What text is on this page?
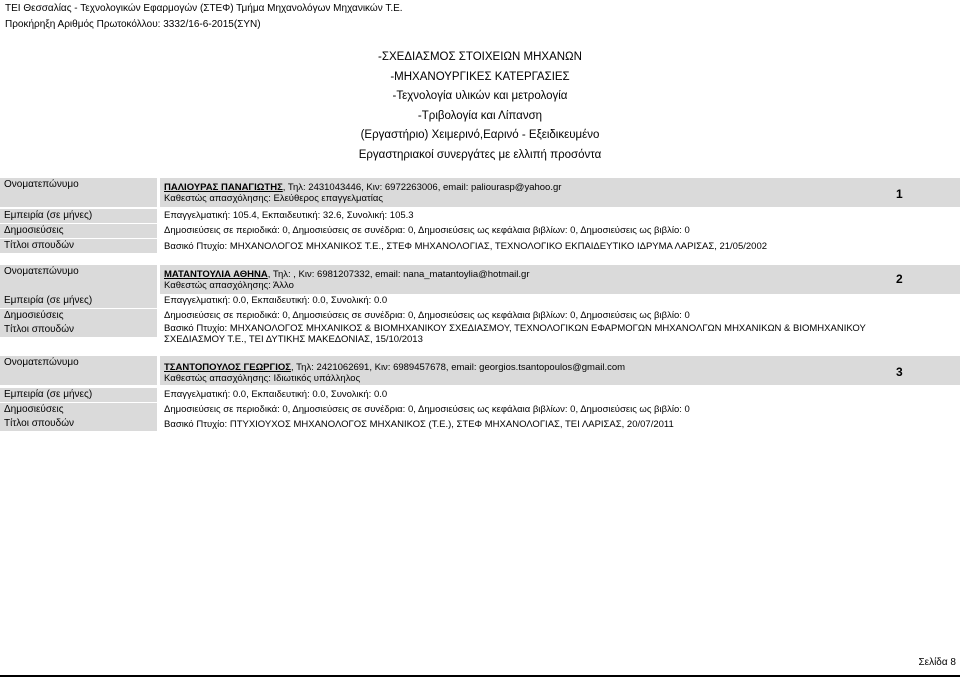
ΤΕΙ Θεσσαλίας - Τεχνολογικών Εφαρμογών (ΣΤΕΦ) Τμήμα Μηχανολόγων Μηχανικών Τ.Ε.
Προκήρηξη Αριθμός Πρωτοκόλλου: 3332/16-6-2015(ΣΥΝ)
-ΣΧΕΔΙΑΣΜΟΣ ΣΤΟΙΧΕΙΩΝ ΜΗΧΑΝΩΝ
-ΜΗΧΑΝΟΥΡΓΙΚΕΣ ΚΑΤΕΡΓΑΣΙΕΣ
-Τεχνολογία υλικών και μετρολογία
-Τριβολογία και Λίπανση
(Εργαστήριο) Χειμερινό,Εαρινό - Εξειδικευμένο
Εργαστηριακοί συνεργάτες με ελλιπή προσόντα
Ονοματεπώνυμο	ΠΑΛΙΟΥΡΑΣ ΠΑΝΑΓΙΩΤΗΣ, Τηλ: 2431043446, Κιν: 6972263006, email: paliourasp@yahoo.gr
Καθεστώς απασχόλησης: Ελεύθερος επαγγελματίας	1
Εμπειρία (σε μήνες)	Επαγγελματική: 105.4, Εκπαιδευτική: 32.6, Συνολική: 105.3
Δημοσιεύσεις	Δημοσιεύσεις σε περιοδικά: 0, Δημοσιεύσεις σε συνέδρια: 0, Δημοσιεύσεις ως κεφάλαια βιβλίων: 0, Δημοσιεύσεις ως βιβλίο: 0
Τίτλοι σπουδών	Βασικό Πτυχίο: ΜΗΧΑΝΟΛΟΓΟΣ ΜΗΧΑΝΙΚΟΣ Τ.Ε., ΣΤΕΦ ΜΗΧΑΝΟΛΟΓΙΑΣ, ΤΕΧΝΟΛΟΓΙΚΟ ΕΚΠΑΙΔΕΥΤΙΚΟ ΙΔΡΥΜΑ ΛΑΡΙΣΑΣ, 21/05/2002
Ονοματεπώνυμο	ΜΑΤΑΝΤΟΥΛΙΑ ΑΘΗΝΑ, Τηλ: , Κιν: 6981207332, email: nana_matantoylia@hotmail.gr
Καθεστώς απασχόλησης: Άλλο	2
Εμπειρία (σε μήνες)	Επαγγελματική: 0.0, Εκπαιδευτική: 0.0, Συνολική: 0.0
Δημοσιεύσεις	Δημοσιεύσεις σε περιοδικά: 0, Δημοσιεύσεις σε συνέδρια: 0, Δημοσιεύσεις ως κεφάλαια βιβλίων: 0, Δημοσιεύσεις ως βιβλίο: 0
Τίτλοι σπουδών	Βασικό Πτυχίο: ΜΗΧΑΝΟΛΟΓΟΣ ΜΗΧΑΝΙΚΟΣ & ΒΙΟΜΗΧΑΝΙΚΟΥ ΣΧΕΔΙΑΣΜΟΥ, ΤΕΧΝΟΛΟΓΙΚΩΝ ΕΦΑΡΜΟΓΩΝ ΜΗΧΑΝΟΛΓΩΝ ΜΗΧΑΝΙΚΩΝ & ΒΙΟΜΗΧΑΝΙΚΟΥ ΣΧΕΔΙΑΣΜΟΥ Τ.Ε., ΤΕΙ ΔΥΤΙΚΗΣ ΜΑΚΕΔΟΝΙΑΣ, 15/10/2013
Ονοματεπώνυμο	ΤΣΑΝΤΟΠΟΥΛΟΣ ΓΕΩΡΓΙΟΣ, Τηλ: 2421062691, Κιν: 6989457678, email: georgios.tsantopoulos@gmail.com
Καθεστώς απασχόλησης: Ιδιωτικός υπάλληλος	3
Εμπειρία (σε μήνες)	Επαγγελματική: 0.0, Εκπαιδευτική: 0.0, Συνολική: 0.0
Δημοσιεύσεις	Δημοσιεύσεις σε περιοδικά: 0, Δημοσιεύσεις σε συνέδρια: 0, Δημοσιεύσεις ως κεφάλαια βιβλίων: 0, Δημοσιεύσεις ως βιβλίο: 0
Τίτλοι σπουδών	Βασικό Πτυχίο: ΠΤΥΧΙΟΥΧΟΣ ΜΗΧΑΝΟΛΟΓΟΣ ΜΗΧΑΝΙΚΟΣ (Τ.Ε.), ΣΤΕΦ ΜΗΧΑΝΟΛΟΓΙΑΣ, ΤΕΙ ΛΑΡΙΣΑΣ, 20/07/2011
Σελίδα 8
